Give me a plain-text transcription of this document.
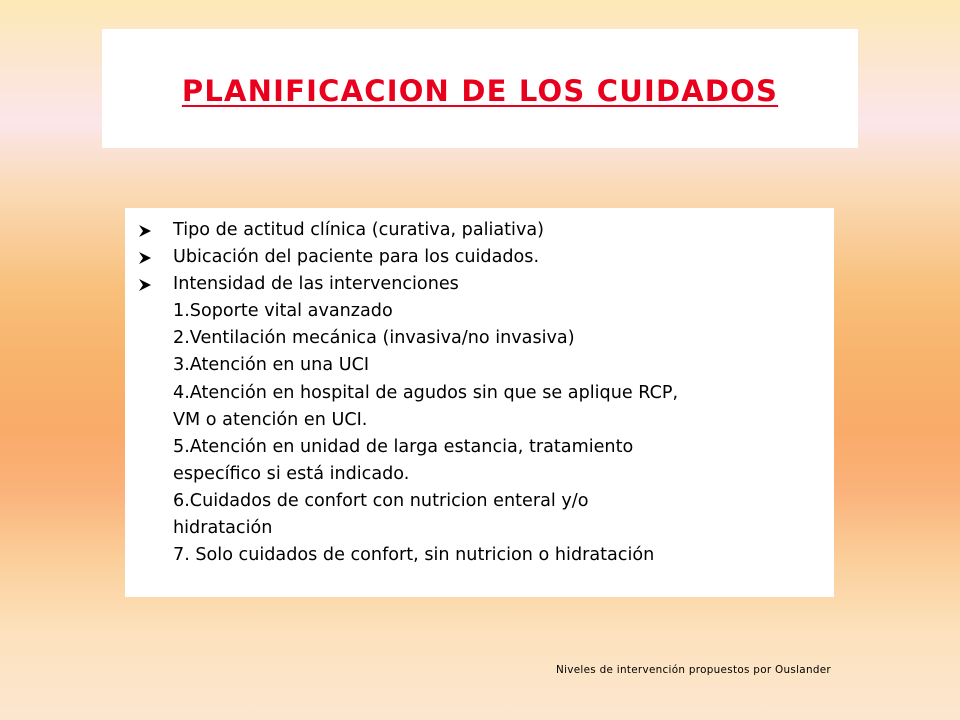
PLANIFICACION DE LOS CUIDADOS
Tipo de actitud clínica (curativa, paliativa)
Ubicación del paciente para los cuidados.
Intensidad de las intervenciones
1.Soporte vital avanzado
2.Ventilación mecánica (invasiva/no invasiva)
3.Atención en una UCI
4.Atención en hospital de agudos sin que se aplique RCP,
VM o atención en UCI.
5.Atención en unidad de larga estancia, tratamiento
específico si está indicado.
6.Cuidados de confort con nutricion enteral y/o
hidratación
7. Solo cuidados de confort, sin nutricion o hidratación
Niveles de intervención propuestos por Ouslander
